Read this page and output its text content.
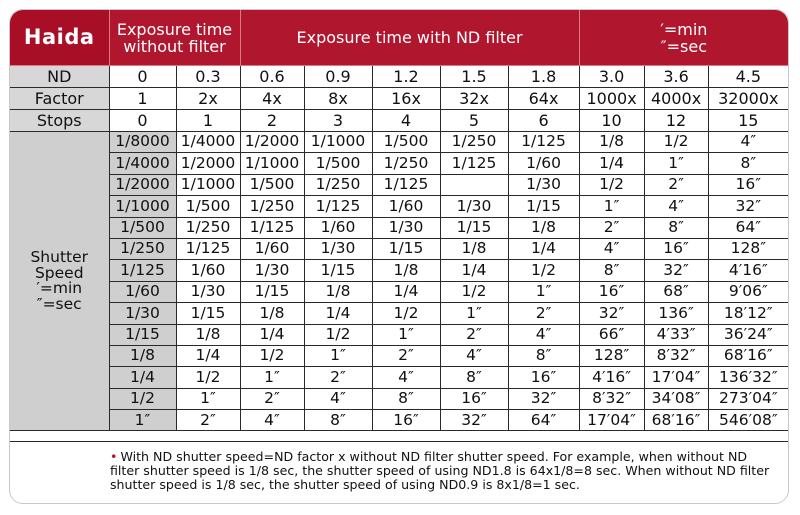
Haida	Exposure time without filter		Exposure time with ND filter					′=min
″=sec		

ND	0	0.3	0.6	0.9	1.2	1.5	1.8	3.0	3.6	4.5
Factor	1	2x	4x	8x	16x	32x	64x	1000x	4000x	32000x
Stops	0	1	2	3	4	5	6	10	12	15

Shutter
Speed
′=min
″=sec	1/8000	1/4000	1/2000	1/1000	1/500	1/250	1/125	1/8	1/2	4″
	1/4000	1/2000	1/1000	1/500	1/250	1/125	1/60	1/4	1″	8″
	1/2000	1/1000	1/500	1/250	1/125		1/30	1/2	2″	16″
	1/1000	1/500	1/250	1/125	1/60	1/30	1/15	1″	4″	32″
	1/500	1/250	1/125	1/60	1/30	1/15	1/8	2″	8″	64″
	1/250	1/125	1/60	1/30	1/15	1/8	1/4	4″	16″	128″
	1/125	1/60	1/30	1/15	1/8	1/4	1/2	8″	32″	4′16″
	1/60	1/30	1/15	1/8	1/4	1/2	1″	16″	68″	9′06″
	1/30	1/15	1/8	1/4	1/2	1″	2″	32″	136″	18′12″
	1/15	1/8	1/4	1/2	1″	2″	4″	66″	4′33″	36′24″
	1/8	1/4	1/2	1″	2″	4″	8″	128″	8′32″	68′16″
	1/4	1/2	1″	2″	4″	8″	16″	4′16″	17′04″	136′32″
	1/2	1″	2″	4″	8″	16″	32″	8′32″	34′08″	273′04″
	1″	2″	4″	8″	16″	32″	64″	17′04″	68′16″	546′08″
• With ND shutter speed=ND factor x without ND filter shutter speed. For example, when without ND filter shutter speed is 1/8 sec, the shutter speed of using ND1.8 is 64x1/8=8 sec. When without ND filter shutter speed is 1/8 sec, the shutter speed of using ND0.9 is 8x1/8=1 sec.
